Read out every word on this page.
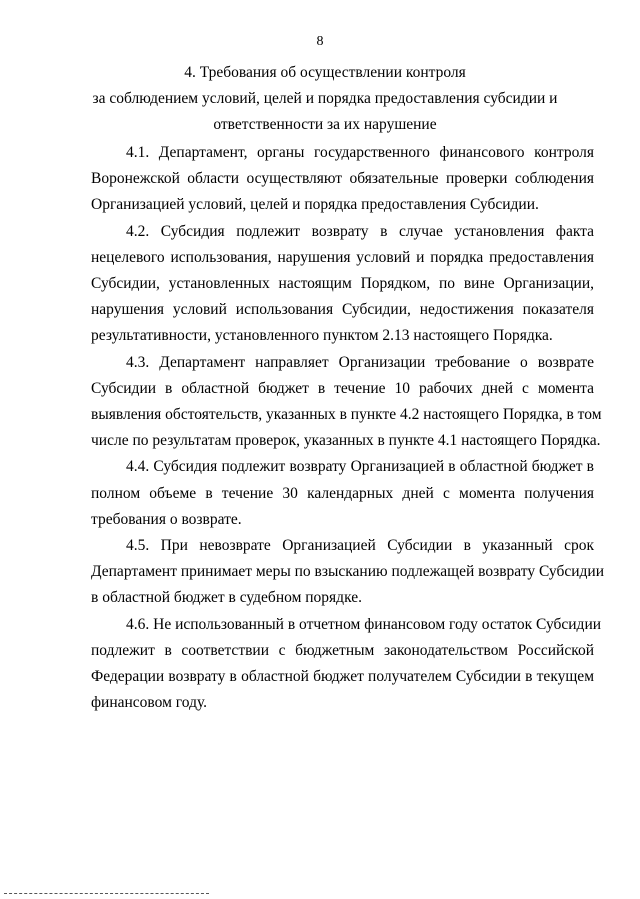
8
4. Требования об осуществлении контроля
за соблюдением условий, целей и порядка предоставления субсидии и
ответственности за их нарушение

4.1. Департамент, органы государственного финансового контроля
Воронежской области осуществляют обязательные проверки соблюдения
Организацией условий, целей и порядка предоставления Субсидии.

4.2. Субсидия подлежит возврату в случае установления факта
нецелевого использования, нарушения условий и порядка предоставления
Субсидии, установленных настоящим Порядком, по вине Организации,
нарушения условий использования Субсидии, недостижения показателя
результативности, установленного пунктом 2.13 настоящего Порядка.

4.3. Департамент направляет Организации требование о возврате
Субсидии в областной бюджет в течение 10 рабочих дней с момента
выявления обстоятельств, указанных в пункте 4.2 настоящего Порядка, в том
числе по результатам проверок, указанных в пункте 4.1 настоящего Порядка.

4.4. Субсидия подлежит возврату Организацией в областной бюджет в
полном объеме в течение 30 календарных дней с момента получения
требования о возврате.

4.5. При невозврате Организацией Субсидии в указанный срок
Департамент принимает меры по взысканию подлежащей возврату Субсидии
в областной бюджет в судебном порядке.

4.6. Не использованный в отчетном финансовом году остаток Субсидии
подлежит в соответствии с бюджетным законодательством Российской
Федерации возврату в областной бюджет получателем Субсидии в текущем
финансовом году.
